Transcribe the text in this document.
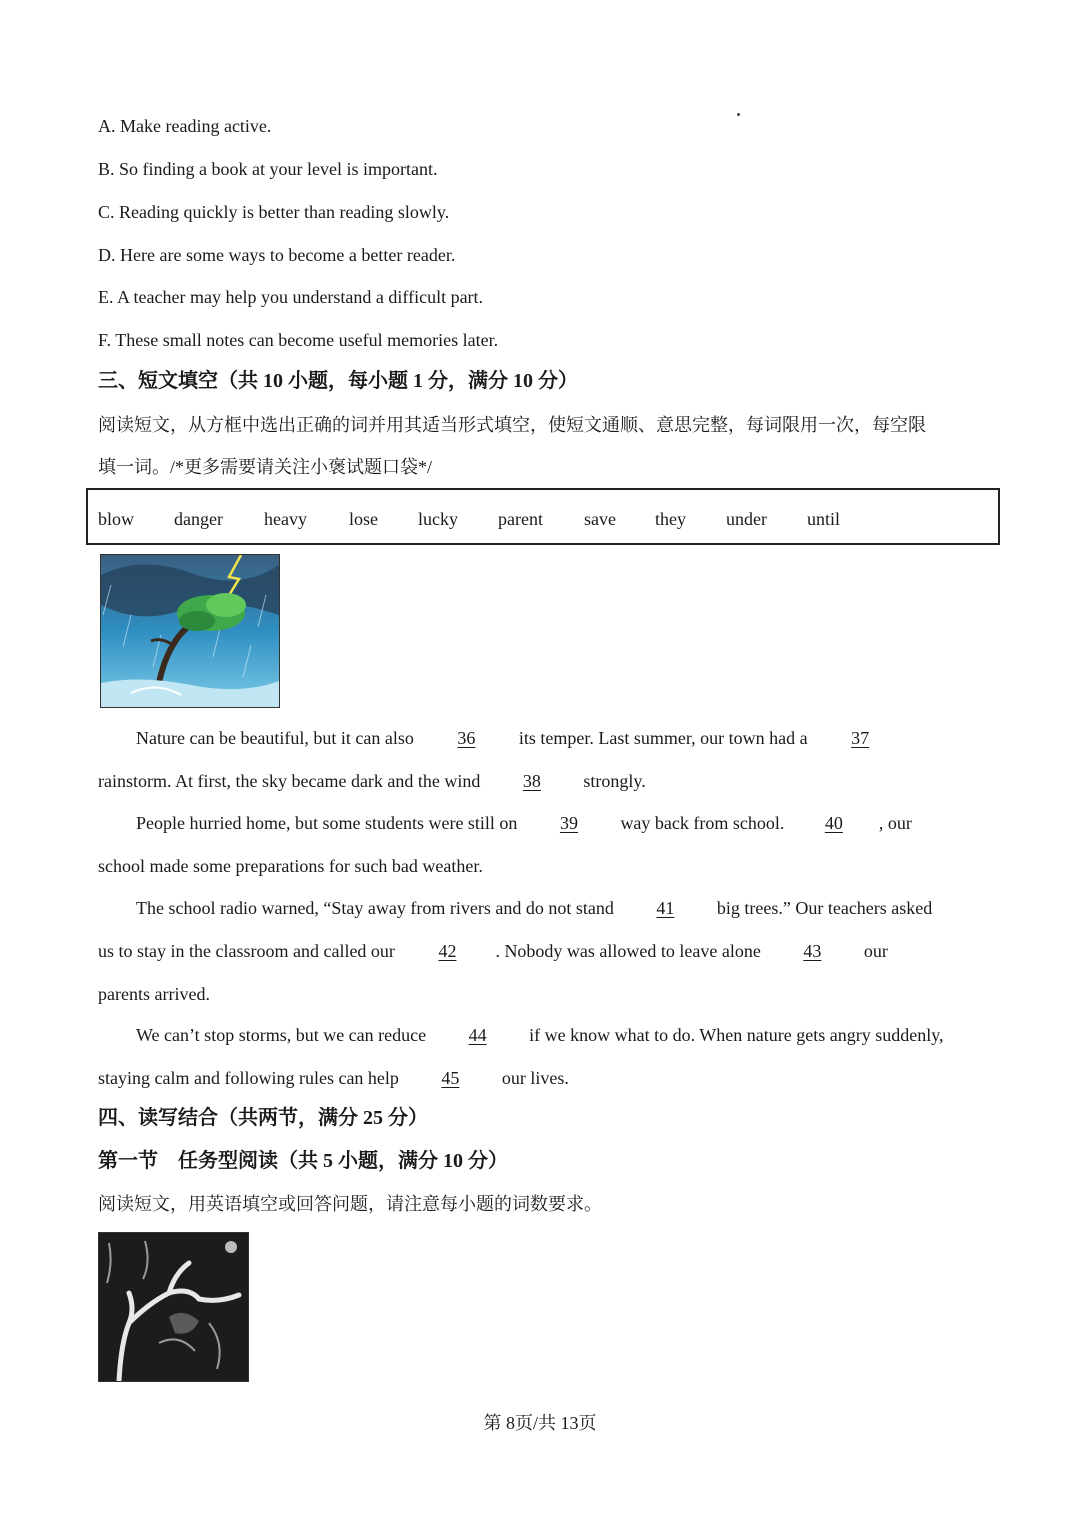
A. Make reading active.
B. So finding a book at your level is important.
C. Reading quickly is better than reading slowly.
D. Here are some ways to become a better reader.
E. A teacher may help you understand a difficult part.
F. These small notes can become useful memories later.
三、短文填空（共 10 小题，每小题 1 分，满分 10 分）
阅读短文，从方框中选出正确的词并用其适当形式填空，使短文通顺、意思完整，每词限用一次，每空限
填一词。/*更多需要请关注小褒试题口袋*/
blow danger heavy lose lucky parent save they under until
Nature can be beautiful, but it can also 36 its temper. Last summer, our town had a 37
rainstorm. At first, the sky became dark and the wind 38 strongly.
People hurried home, but some students were still on 39 way back from school. 40 , our
school made some preparations for such bad weather.
The school radio warned, “Stay away from rivers and do not stand 41 big trees.” Our teachers asked
us to stay in the classroom and called our 42 . Nobody was allowed to leave alone 43 our
parents arrived.
We can’t stop storms, but we can reduce 44 if we know what to do. When nature gets angry suddenly,
staying calm and following rules can help 45 our lives.
四、读写结合（共两节，满分 25 分）
第一节　任务型阅读（共 5 小题，满分 10 分）
阅读短文，用英语填空或回答问题，请注意每小题的词数要求。
第 8页/共 13页
